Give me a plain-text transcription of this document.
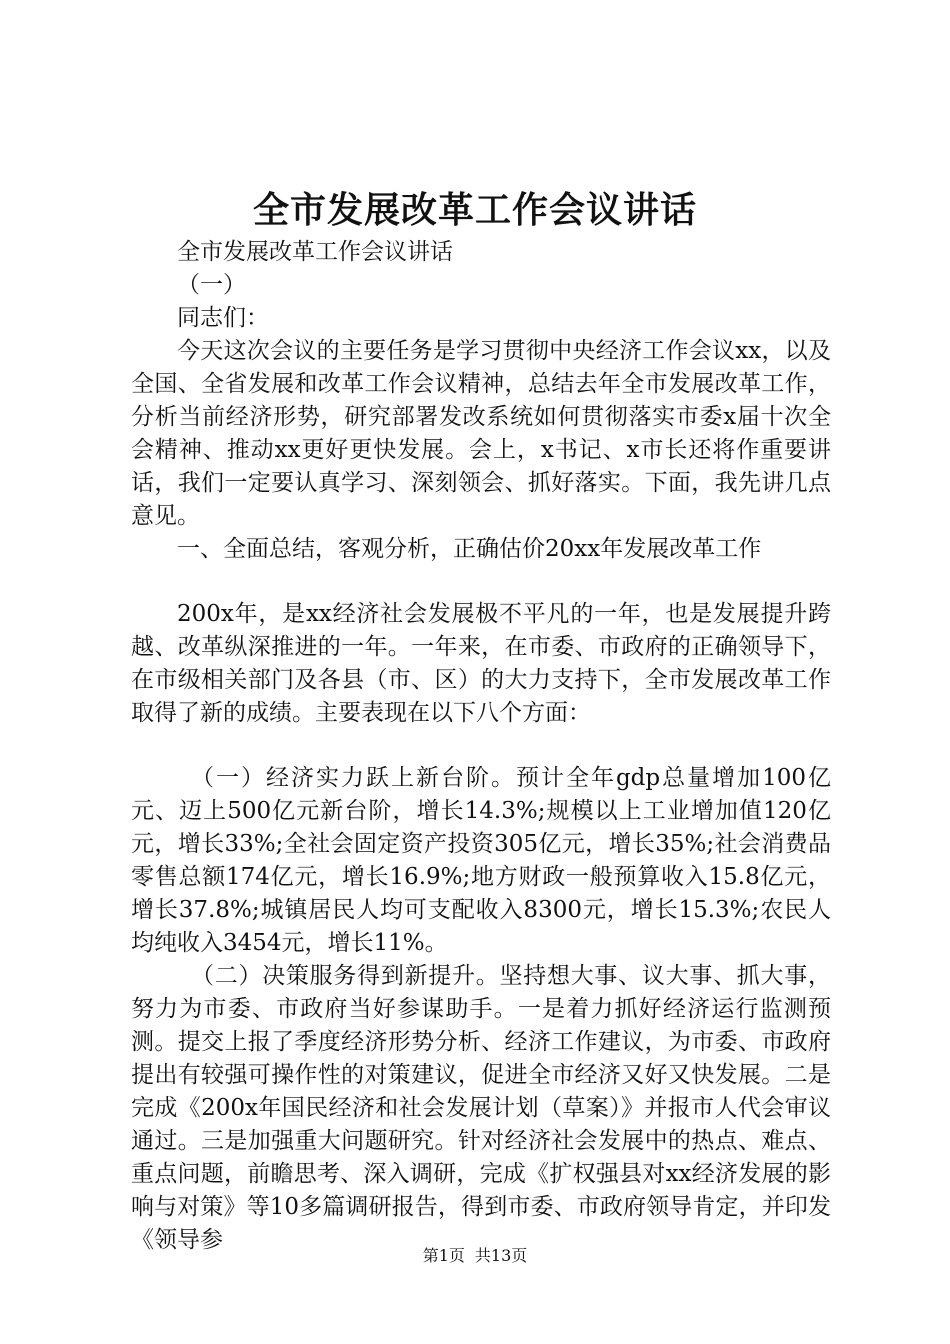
全市发展改革工作会议讲话

全市发展改革工作会议讲话

（一）

同志们：

今天这次会议的主要任务是学习贯彻中央经济工作会议xx，以及全国、全省发展和改革工作会议精神，总结去年全市发展改革工作，分析当前经济形势，研究部署发改系统如何贯彻落实市委x届十次全会精神、推动xx更好更快发展。会上，x书记、x市长还将作重要讲话，我们一定要认真学习、深刻领会、抓好落实。下面，我先讲几点意见。

一、全面总结，客观分析，正确估价20xx年发展改革工作

200x年，是xx经济社会发展极不平凡的一年，也是发展提升跨越、改革纵深推进的一年。一年来，在市委、市政府的正确领导下，在市级相关部门及各县（市、区）的大力支持下，全市发展改革工作取得了新的成绩。主要表现在以下八个方面：

（一）经济实力跃上新台阶。预计全年gdp总量增加100亿元、迈上500亿元新台阶，增长14.3%;规模以上工业增加值120亿元，增长33%;全社会固定资产投资305亿元，增长35%;社会消费品零售总额174亿元，增长16.9%;地方财政一般预算收入15.8亿元，增长37.8%;城镇居民人均可支配收入8300元，增长15.3%;农民人均纯收入3454元，增长11%。

（二）决策服务得到新提升。坚持想大事、议大事、抓大事，努力为市委、市政府当好参谋助手。一是着力抓好经济运行监测预测。提交上报了季度经济形势分析、经济工作建议，为市委、市政府提出有较强可操作性的对策建议，促进全市经济又好又快发展。二是完成《200x年国民经济和社会发展计划（草案）》并报市人代会审议通过。三是加强重大问题研究。针对经济社会发展中的热点、难点、重点问题，前瞻思考、深入调研，完成《扩权强县对xx经济发展的影响与对策》等10多篇调研报告，得到市委、市政府领导肯定，并印发《领导参

第1页 共13页
